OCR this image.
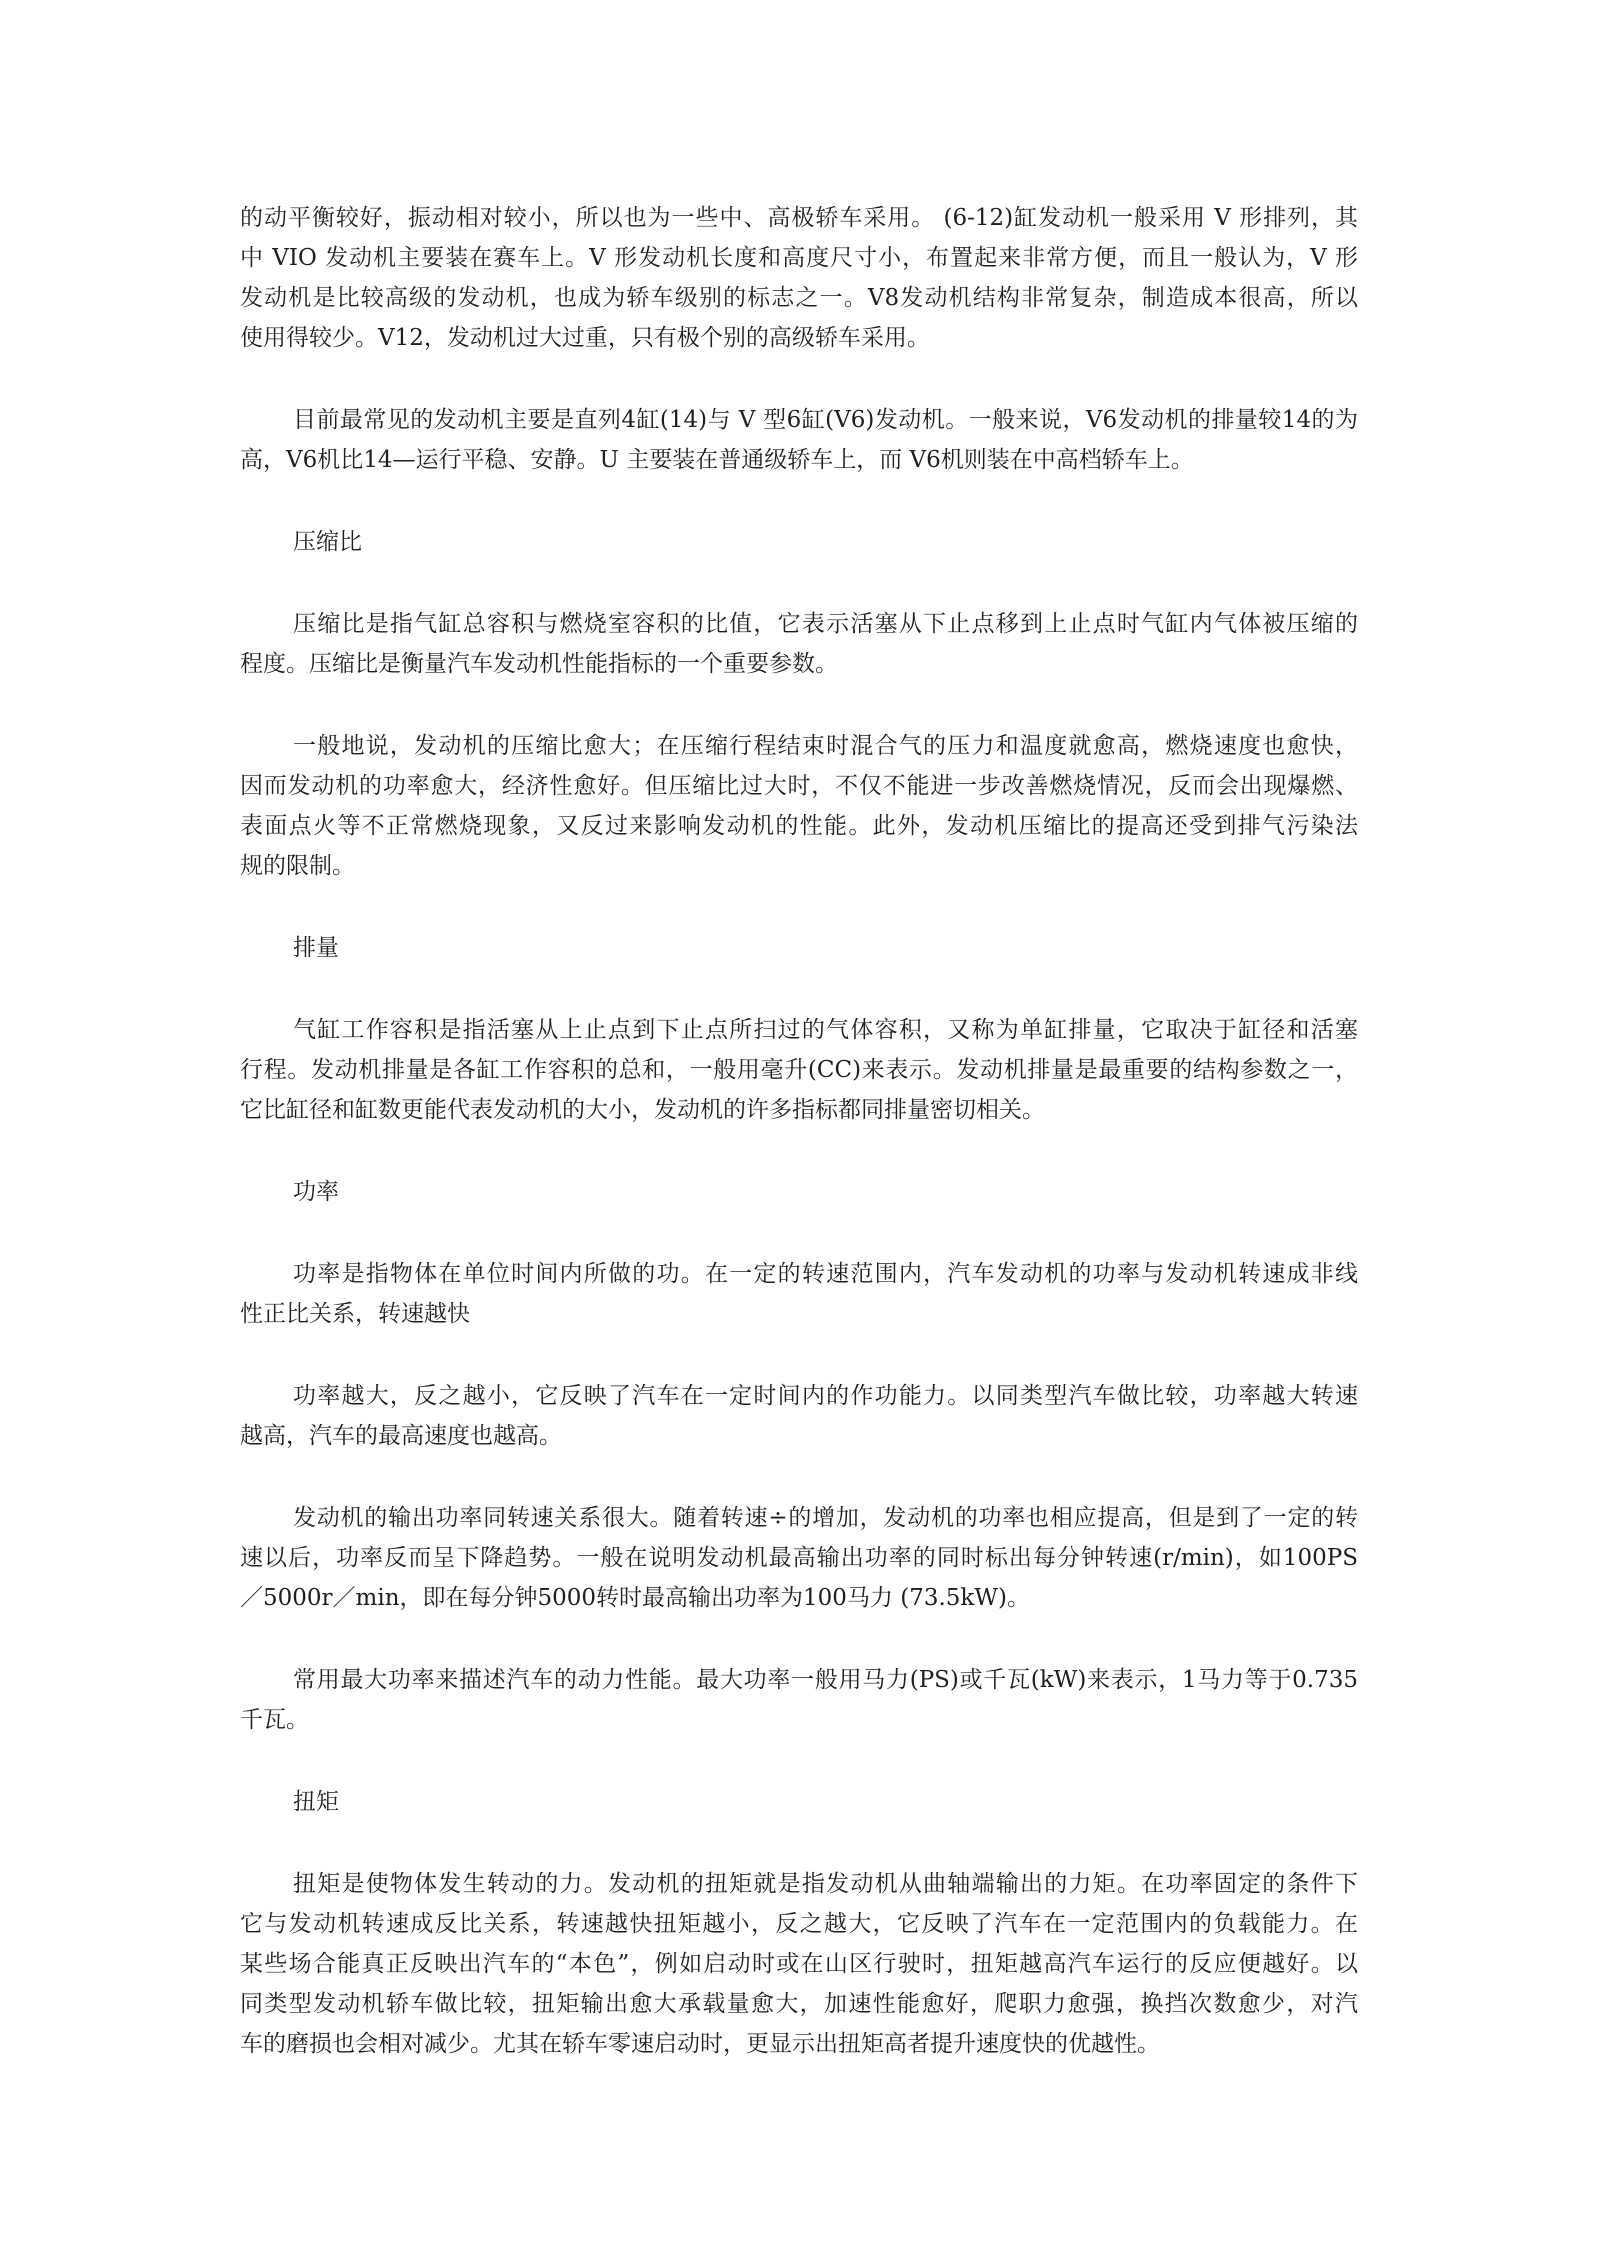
的动平衡较好，振动相对较小，所以也为一些中、高极轿车采用。 (6-12)缸发动机一般采用 V 形排列，其
中 VIO 发动机主要装在赛车上。V 形发动机长度和高度尺寸小，布置起来非常方便，而且一般认为，V 形
发动机是比较高级的发动机，也成为轿车级别的标志之一。V8发动机结构非常复杂，制造成本很高，所以
使用得较少。V12，发动机过大过重，只有极个别的高级轿车采用。
目前最常见的发动机主要是直列4缸(14)与 V 型6缸(V6)发动机。一般来说，V6发动机的排量较14的为
高，V6机比14—运行平稳、安静。U 主要装在普通级轿车上，而 V6机则装在中高档轿车上。
压缩比
压缩比是指气缸总容积与燃烧室容积的比值，它表示活塞从下止点移到上止点时气缸内气体被压缩的
程度。压缩比是衡量汽车发动机性能指标的一个重要参数。
一般地说，发动机的压缩比愈大；在压缩行程结束时混合气的压力和温度就愈高，燃烧速度也愈快，
因而发动机的功率愈大，经济性愈好。但压缩比过大时，不仅不能进一步改善燃烧情况，反而会出现爆燃、
表面点火等不正常燃烧现象，又反过来影响发动机的性能。此外，发动机压缩比的提高还受到排气污染法
规的限制。
排量
气缸工作容积是指活塞从上止点到下止点所扫过的气体容积，又称为单缸排量，它取决于缸径和活塞
行程。发动机排量是各缸工作容积的总和，一般用毫升(CC)来表示。发动机排量是最重要的结构参数之一，
它比缸径和缸数更能代表发动机的大小，发动机的许多指标都同排量密切相关。
功率
功率是指物体在单位时间内所做的功。在一定的转速范围内，汽车发动机的功率与发动机转速成非线
性正比关系，转速越快
功率越大，反之越小，它反映了汽车在一定时间内的作功能力。以同类型汽车做比较，功率越大转速
越高，汽车的最高速度也越高。
发动机的输出功率同转速关系很大。随着转速÷的增加，发动机的功率也相应提高，但是到了一定的转
速以后，功率反而呈下降趋势。一般在说明发动机最高输出功率的同时标出每分钟转速(r/min)，如100PS
／5000r／min，即在每分钟5000转时最高输出功率为100马力 (73.5kW)。
常用最大功率来描述汽车的动力性能。最大功率一般用马力(PS)或千瓦(kW)来表示，1马力等于0.735
千瓦。
扭矩
扭矩是使物体发生转动的力。发动机的扭矩就是指发动机从曲轴端输出的力矩。在功率固定的条件下
它与发动机转速成反比关系，转速越快扭矩越小，反之越大，它反映了汽车在一定范围内的负载能力。在
某些场合能真正反映出汽车的“本色”，例如启动时或在山区行驶时，扭矩越高汽车运行的反应便越好。以
同类型发动机轿车做比较，扭矩输出愈大承载量愈大，加速性能愈好，爬职力愈强，换挡次数愈少，对汽
车的磨损也会相对减少。尤其在轿车零速启动时，更显示出扭矩高者提升速度快的优越性。
